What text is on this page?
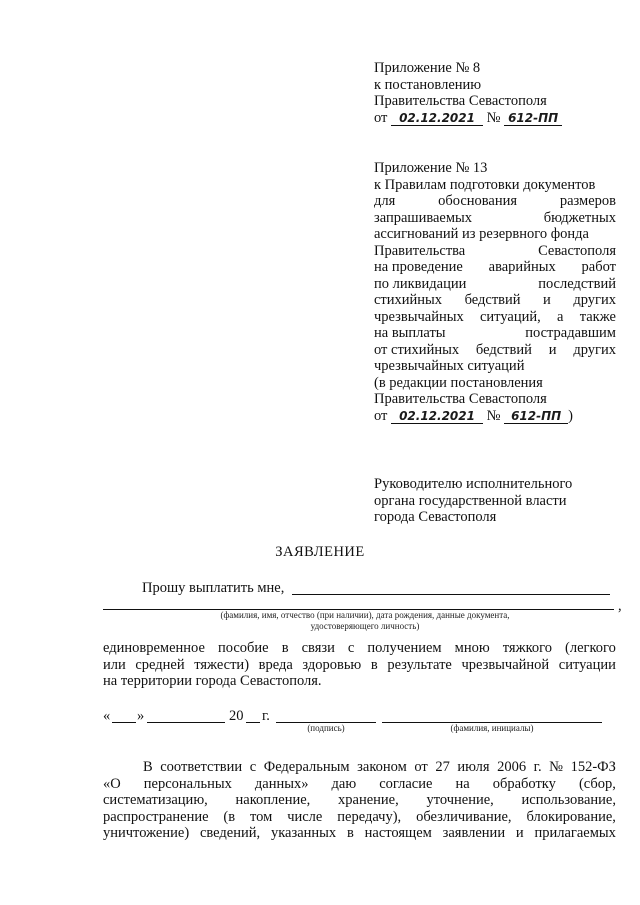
Приложение № 8
к постановлению
Правительства Севастополя
от 02.12.2021 № 612-ПП
Приложение № 13
к Правилам подготовки документов
для	обоснования	размеров
запрашиваемых	бюджетных
ассигнований из резервного фонда
Правительства	Севастополя
на проведение аварийных работ
по ликвидации	последствий
стихийных бедствий и других
чрезвычайных ситуаций, а также
на выплаты	пострадавшим
от стихийных бедствий и других
чрезвычайных ситуаций
(в редакции постановления
Правительства Севастополя
от 02.12.2021 № 612-ПП )
Руководителю исполнительного
органа государственной власти
города Севастополя
ЗАЯВЛЕНИЕ
Прошу выплатить мне,
,
(фамилия, имя, отчество (при наличии), дата рождения, данные документа,
удостоверяющего личность)
единовременное пособие в связи с получением мною тяжкого (легкого
или средней тяжести) вреда здоровью в результате чрезвычайной ситуации
на территории города Севастополя.
« »	20 г.
(подпись)	(фамилия, инициалы)
В соответствии с Федеральным законом от 27 июля 2006 г. № 152-ФЗ
«О персональных данных» даю согласие на обработку (сбор,
систематизацию, накопление, хранение, уточнение, использование,
распространение (в том числе передачу), обезличивание, блокирование,
уничтожение) сведений, указанных в настоящем заявлении и прилагаемых
